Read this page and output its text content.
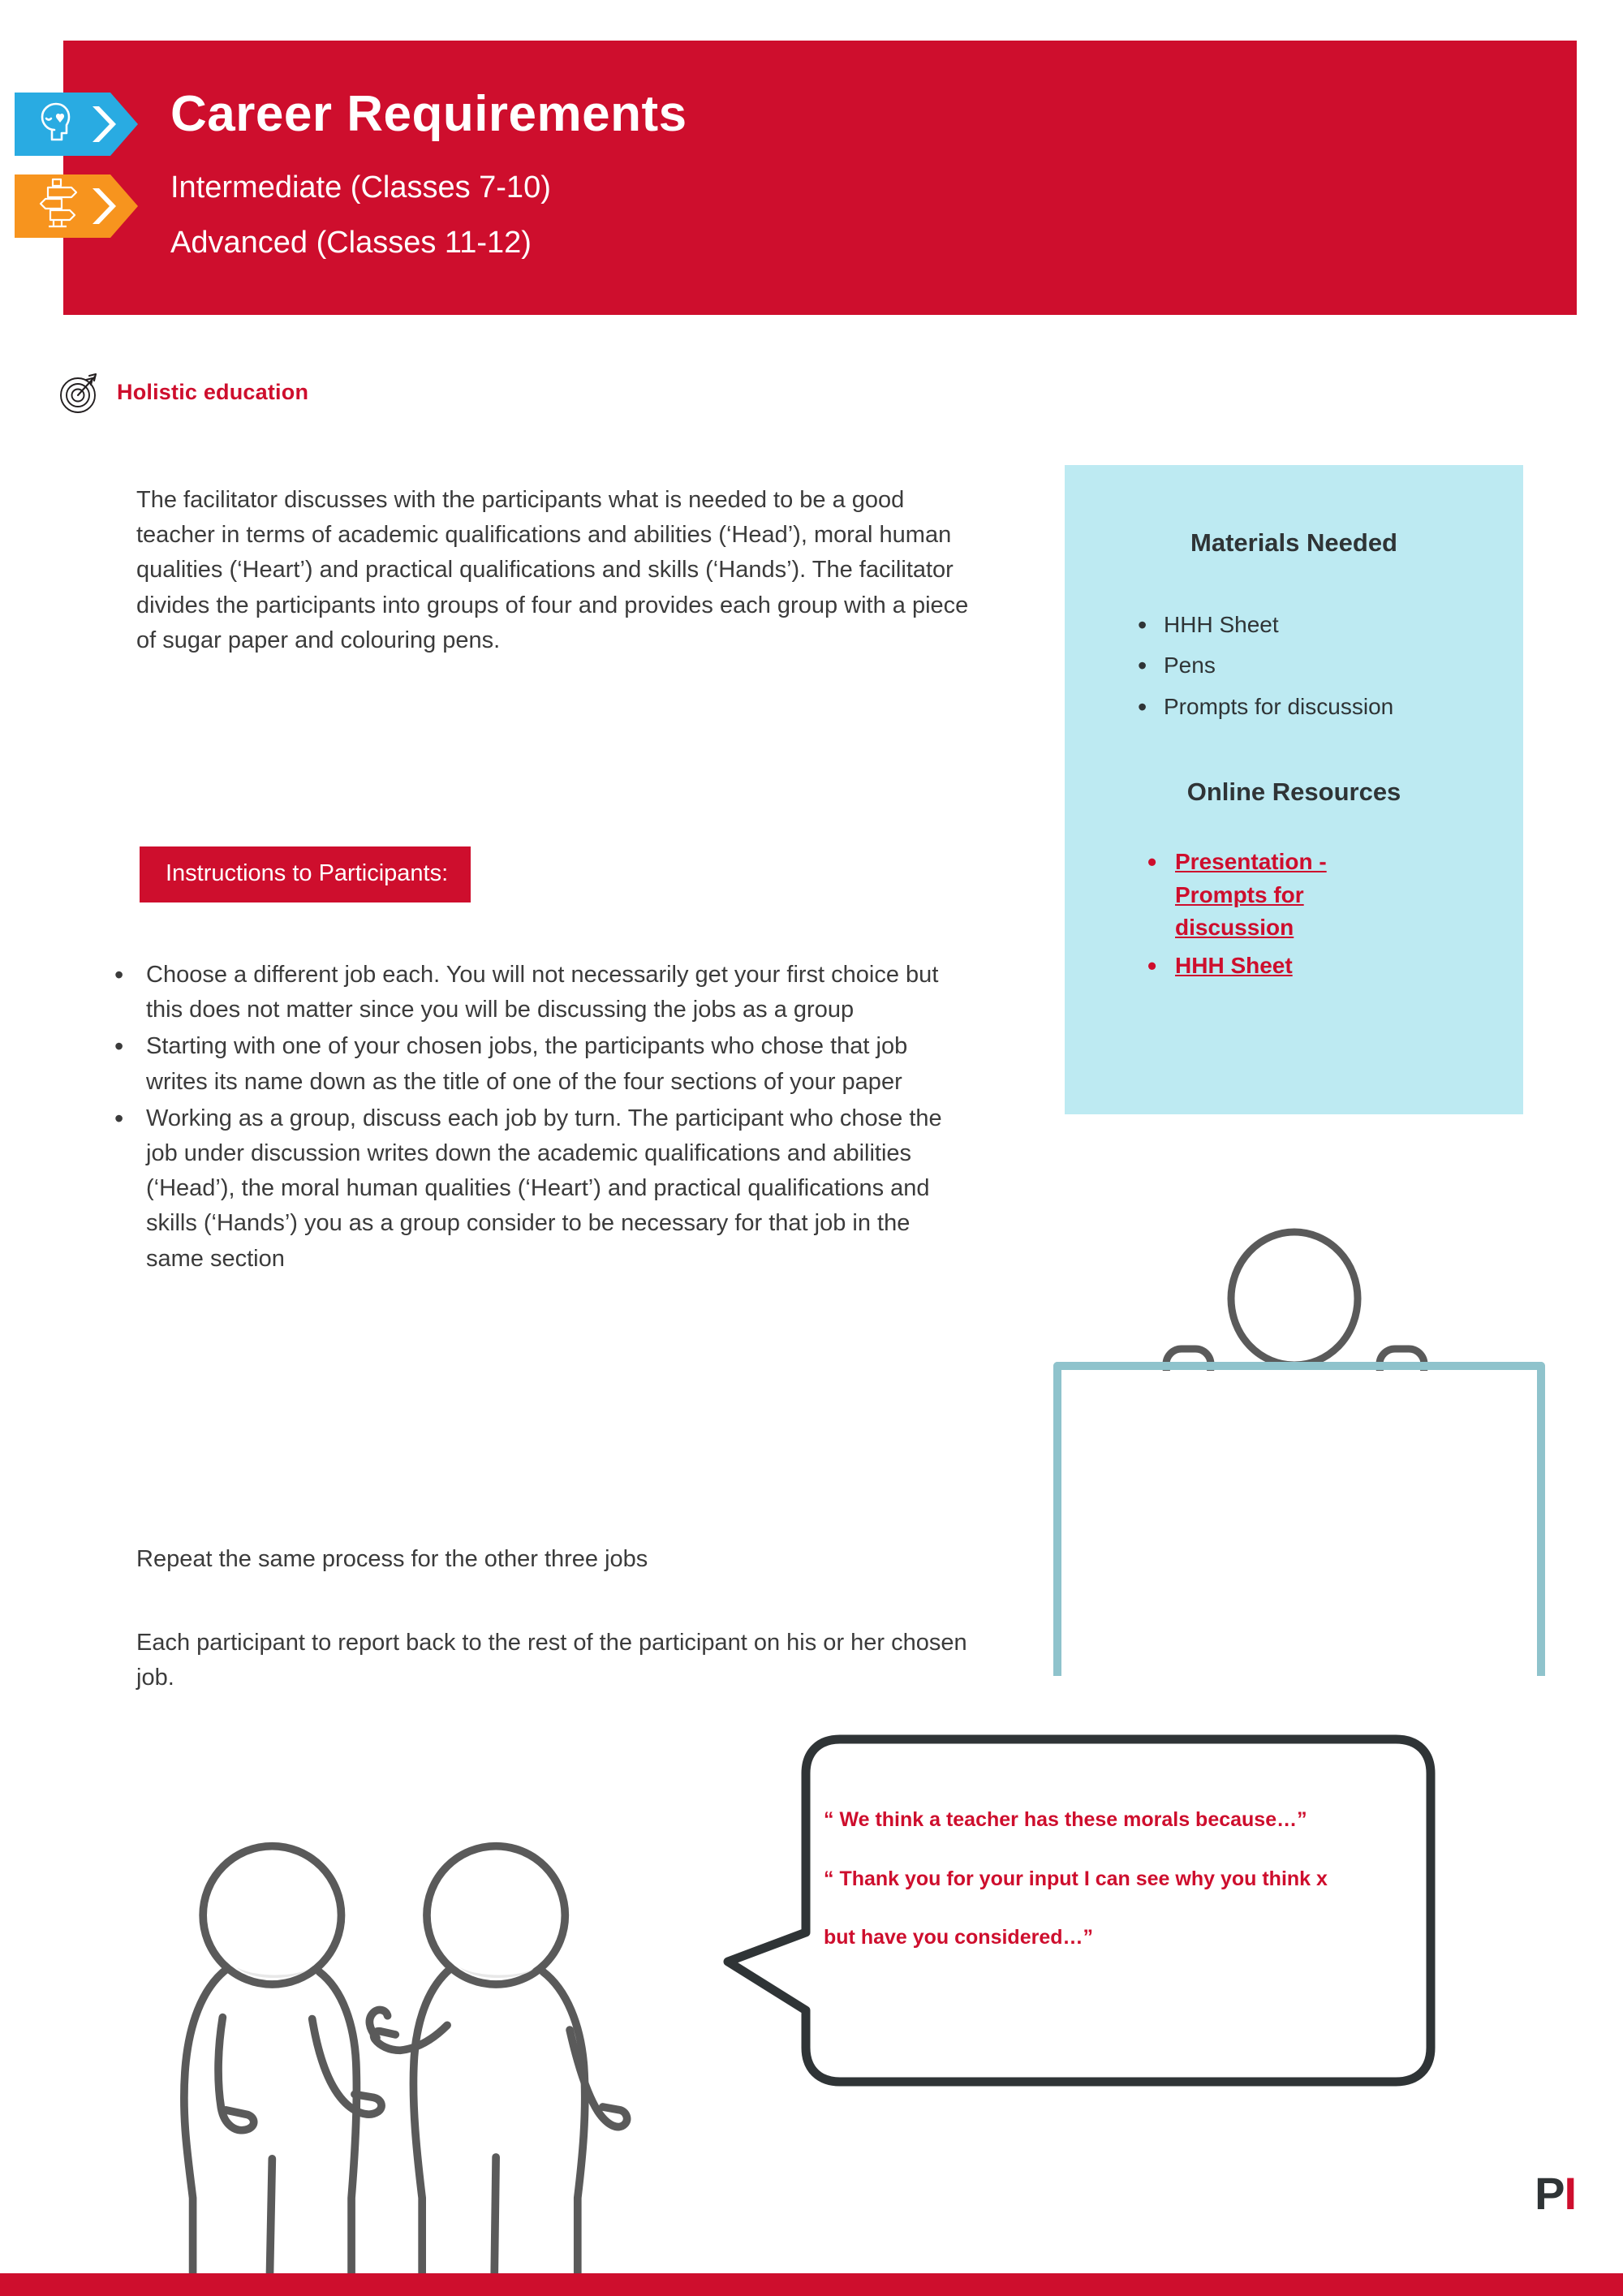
Career Requirements
Intermediate (Classes 7-10)
Advanced (Classes 11-12)
Holistic education
The facilitator discusses with the participants what is needed to be a good teacher in terms of academic qualifications and abilities (‘Head’), moral human qualities (‘Heart’) and practical qualifications and skills (‘Hands’). The facilitator divides the participants into groups of four and provides each group with a piece of sugar paper and colouring pens.
Instructions to Participants:
• Choose a different job each. You will not necessarily get your first choice but this does not matter since you will be discussing the jobs as a group
• Starting with one of your chosen jobs, the participants who chose that job writes its name down as the title of one of the four sections of your paper
• Working as a group, discuss each job by turn. The participant who chose the job under discussion writes down the academic qualifications and abilities (‘Head’), the moral human qualities (‘Heart’) and practical qualifications and skills (‘Hands’) you as a group consider to be necessary for that job in the same section
Repeat the same process for the other three jobs
Each participant to report back to the rest of the participant on his or her chosen job.
Materials Needed
• HHH Sheet
• Pens
• Prompts for discussion
Online Resources
• Presentation - Prompts for discussion
• HHH Sheet

“ We think a teacher has these morals because…”

“ Thank you for your input I can see why you think x

but have you considered…”

PI
